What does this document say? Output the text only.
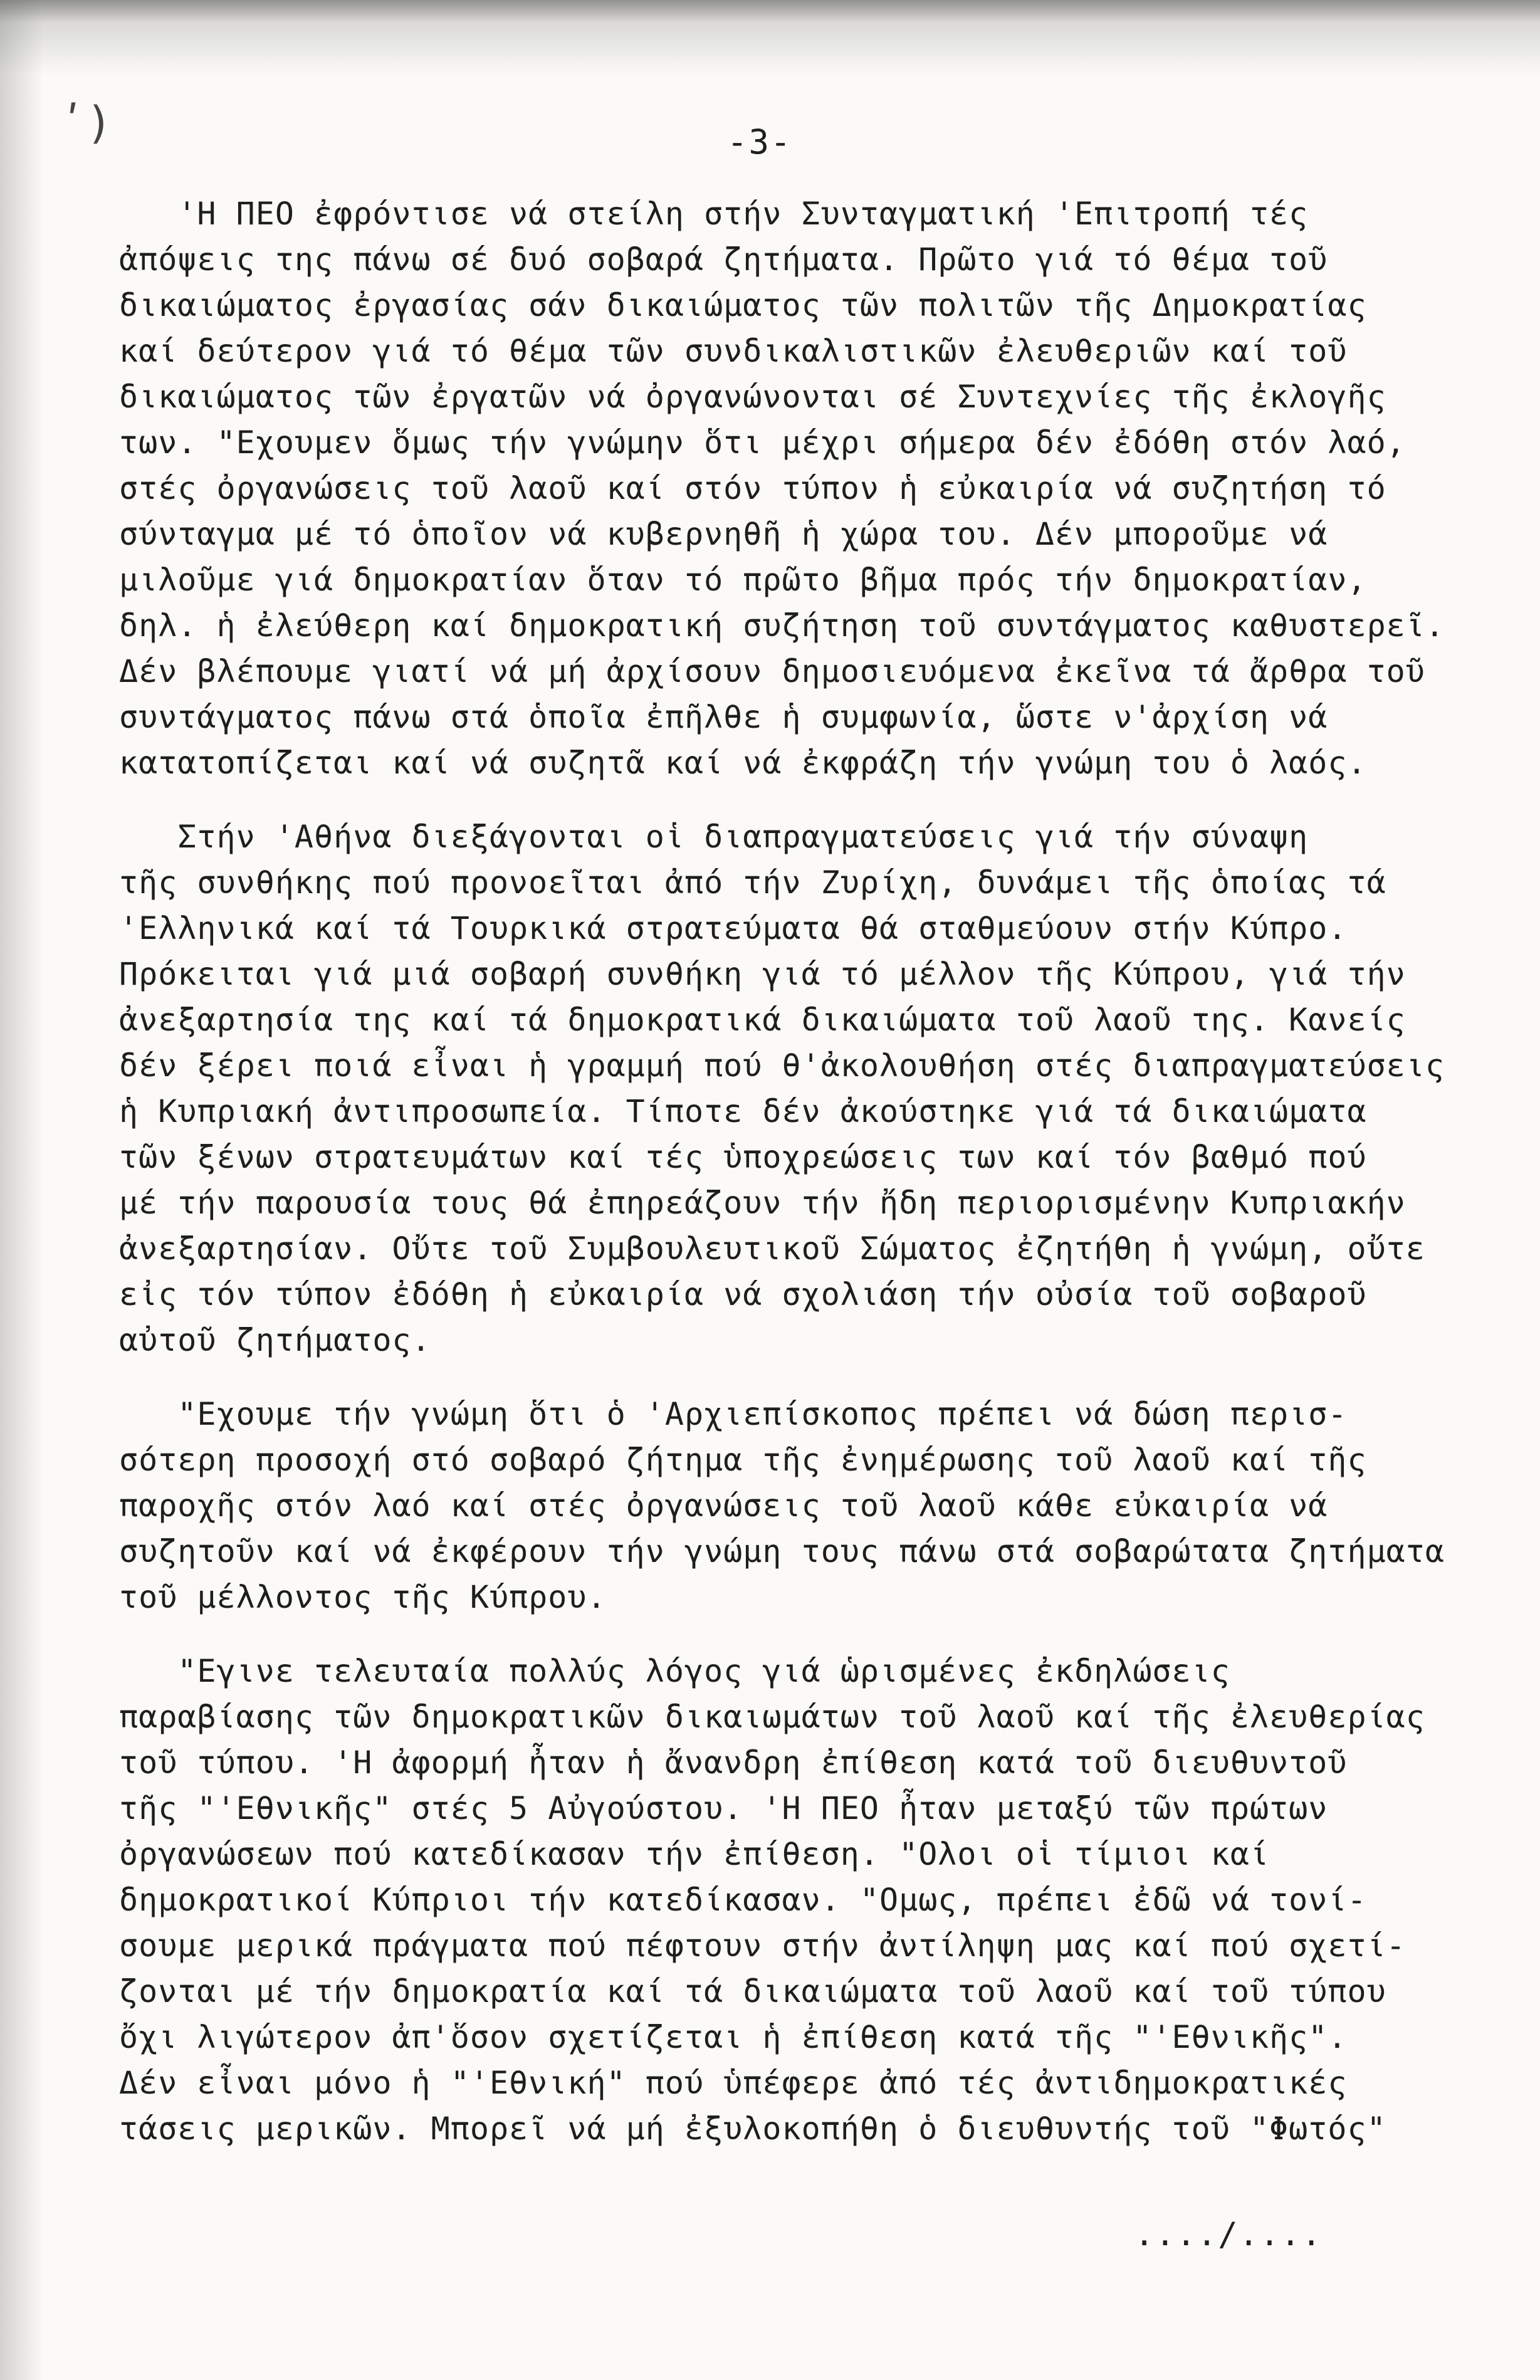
ʹ)	-3-
'Η ΠΕΟ ἐφρόντισε νά στείλη στήν Συνταγματική 'Επιτροπή τές
ἀπόψεις της πάνω σέ δυό σοβαρά ζητήματα. Πρῶτο γιά τό θέμα τοῦ
δικαιώματος ἐργασίας σάν δικαιώματος τῶν πολιτῶν τῆς Δημοκρατίας
καί δεύτερον γιά τό θέμα τῶν συνδικαλιστικῶν ἐλευθεριῶν καί τοῦ
δικαιώματος τῶν ἐργατῶν νά ὀργανώνονται σέ Συντεχνίες τῆς ἐκλογῆς
των. "Εχουμεν ὅμως τήν γνώμην ὅτι μέχρι σήμερα δέν ἐδόθη στόν λαό,
στές ὀργανώσεις τοῦ λαοῦ καί στόν τύπον ἡ εὐκαιρία νά συζητήση τό
σύνταγμα μέ τό ὁποῖον νά κυβερνηθῆ ἡ χώρα του. Δέν μποροῦμε νά
μιλοῦμε γιά δημοκρατίαν ὅταν τό πρῶτο βῆμα πρός τήν δημοκρατίαν,
δηλ. ἡ ἐλεύθερη καί δημοκρατική συζήτηση τοῦ συντάγματος καθυστερεῖ.
Δέν βλέπουμε γιατί νά μή ἀρχίσουν δημοσιευόμενα ἐκεῖνα τά ἄρθρα τοῦ
συντάγματος πάνω στά ὁποῖα ἐπῆλθε ἡ συμφωνία, ὥστε ν'ἀρχίση νά
κατατοπίζεται καί νά συζητᾶ καί νά ἐκφράζη τήν γνώμη του ὁ λαός.
Στήν 'Αθήνα διεξάγονται οἱ διαπραγματεύσεις γιά τήν σύναψη
τῆς συνθήκης πού προνοεῖται ἀπό τήν Ζυρίχη, δυνάμει τῆς ὁποίας τά
'Ελληνικά καί τά Τουρκικά στρατεύματα θά σταθμεύουν στήν Κύπρο.
Πρόκειται γιά μιά σοβαρή συνθήκη γιά τό μέλλον τῆς Κύπρου, γιά τήν
ἀνεξαρτησία της καί τά δημοκρατικά δικαιώματα τοῦ λαοῦ της. Κανείς
δέν ξέρει ποιά εἶναι ἡ γραμμή πού θ'ἀκολουθήση στές διαπραγματεύσεις
ἡ Κυπριακή ἀντιπροσωπεία. Τίποτε δέν ἀκούστηκε γιά τά δικαιώματα
τῶν ξένων στρατευμάτων καί τές ὑποχρεώσεις των καί τόν βαθμό πού
μέ τήν παρουσία τους θά ἐπηρεάζουν τήν ἤδη περιορισμένην Κυπριακήν
ἀνεξαρτησίαν. Οὔτε τοῦ Συμβουλευτικοῦ Σώματος ἐζητήθη ἡ γνώμη, οὔτε
εἰς τόν τύπον ἐδόθη ἡ εὐκαιρία νά σχολιάση τήν οὐσία τοῦ σοβαροῦ
αὐτοῦ ζητήματος.
"Εχουμε τήν γνώμη ὅτι ὁ 'Αρχιεπίσκοπος πρέπει νά δώση περισ-
σότερη προσοχή στό σοβαρό ζήτημα τῆς ἐνημέρωσης τοῦ λαοῦ καί τῆς
παροχῆς στόν λαό καί στές ὀργανώσεις τοῦ λαοῦ κάθε εὐκαιρία νά
συζητοῦν καί νά ἐκφέρουν τήν γνώμη τους πάνω στά σοβαρώτατα ζητήματα
τοῦ μέλλοντος τῆς Κύπρου.
"Εγινε τελευταία πολλύς λόγος γιά ὡρισμένες ἐκδηλώσεις
παραβίασης τῶν δημοκρατικῶν δικαιωμάτων τοῦ λαοῦ καί τῆς ἐλευθερίας
τοῦ τύπου. 'Η ἀφορμή ἦταν ἡ ἄνανδρη ἐπίθεση κατά τοῦ διευθυντοῦ
τῆς "'Εθνικῆς" στές 5 Αὐγούστου. 'Η ΠΕΟ ἦταν μεταξύ τῶν πρώτων
ὀργανώσεων πού κατεδίκασαν τήν ἐπίθεση. "Ολοι οἱ τίμιοι καί
δημοκρατικοί Κύπριοι τήν κατεδίκασαν. "Ομως, πρέπει ἐδῶ νά τονί-
σουμε μερικά πράγματα πού πέφτουν στήν ἀντίληψη μας καί πού σχετί-
ζονται μέ τήν δημοκρατία καί τά δικαιώματα τοῦ λαοῦ καί τοῦ τύπου
ὄχι λιγώτερον ἀπ'ὅσον σχετίζεται ἡ ἐπίθεση κατά τῆς "'Εθνικῆς".
Δέν εἶναι μόνο ἡ "'Εθνική" πού ὑπέφερε ἀπό τές ἀντιδημοκρατικές
τάσεις μερικῶν. Μπορεῖ νά μή ἐξυλοκοπήθη ὁ διευθυντής τοῦ "Φωτός"
..../....
